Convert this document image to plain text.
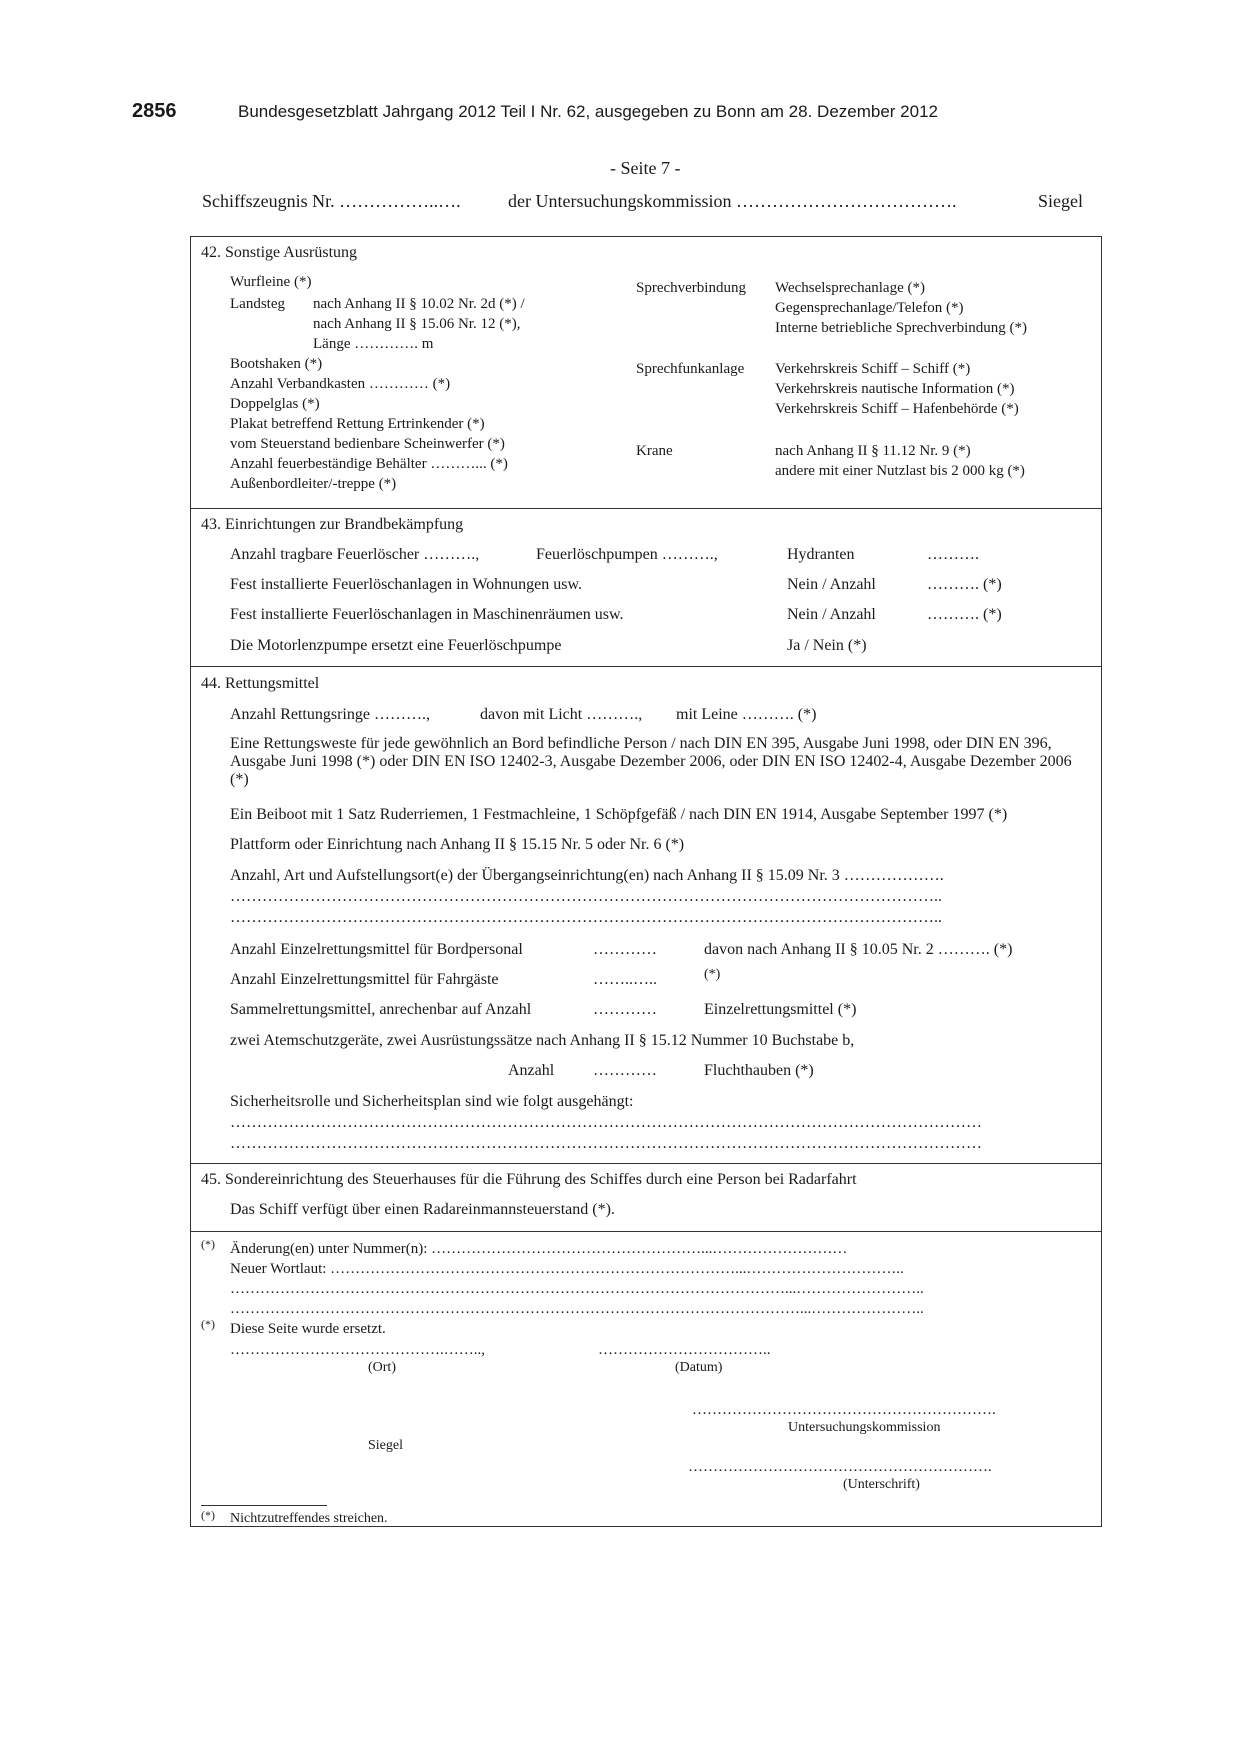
2856	Bundesgesetzblatt Jahrgang 2012 Teil I Nr. 62, ausgegeben zu Bonn am 28. Dezember 2012
- Seite 7 -
Schiffszeugnis Nr. ……………..….	der Untersuchungskommission ……………………………….	Siegel
42. Sonstige Ausrüstung
Wurfleine (*)
Landsteg nach Anhang II § 10.02 Nr. 2d (*) /
nach Anhang II § 15.06 Nr. 12 (*),
Länge …………. m
Bootshaken (*)
Anzahl Verbandkasten ………… (*)
Doppelglas (*)
Plakat betreffend Rettung Ertrinkender (*)
vom Steuerstand bedienbare Scheinwerfer (*)
Anzahl feuerbeständige Behälter ………... (*)
Außenbordleiter/-treppe (*)
Sprechverbindung Wechselsprechanlage (*)
Gegensprechanlage/Telefon (*)
Interne betriebliche Sprechverbindung (*)
Sprechfunkanlage Verkehrskreis Schiff – Schiff (*)
Verkehrskreis nautische Information (*)
Verkehrskreis Schiff – Hafenbehörde (*)
Krane	nach Anhang II § 11.12 Nr. 9 (*)
andere mit einer Nutzlast bis 2 000 kg (*)
43. Einrichtungen zur Brandbekämpfung
Anzahl tragbare Feuerlöscher ……….,	Feuerlöschpumpen ……….,	Hydranten	……….
Fest installierte Feuerlöschanlagen in Wohnungen usw.	Nein / Anzahl	………. (*)
Fest installierte Feuerlöschanlagen in Maschinenräumen usw.	Nein / Anzahl	………. (*)
Die Motorlenzpumpe ersetzt eine Feuerlöschpumpe	Ja / Nein (*)
44. Rettungsmittel
Anzahl Rettungsringe ……….,	davon mit Licht ………., mit Leine ………. (*)
Eine Rettungsweste für jede gewöhnlich an Bord befindliche Person / nach DIN EN 395, Ausgabe Juni 1998, oder DIN EN 396, Ausgabe Juni 1998 (*) oder DIN EN ISO 12402-3, Ausgabe Dezember 2006, oder DIN EN ISO 12402-4, Ausgabe Dezember 2006 (*)
Ein Beiboot mit 1 Satz Ruderriemen, 1 Festmachleine, 1 Schöpfgefäß / nach DIN EN 1914, Ausgabe September 1997 (*)
Plattform oder Einrichtung nach Anhang II § 15.15 Nr. 5 oder Nr. 6 (*)
Anzahl, Art und Aufstellungsort(e) der Übergangseinrichtung(en) nach Anhang II § 15.09 Nr. 3 ……………….
……………………………………………………………………………………………………………………..
……………………………………………………………………………………………………………………..
Anzahl Einzelrettungsmittel für Bordpersonal	…………	davon nach Anhang II § 10.05 Nr. 2 ………. (*)
Anzahl Einzelrettungsmittel für Fahrgäste	……..…..	(*)
Sammelrettungsmittel, anrechenbar auf Anzahl	…………	Einzelrettungsmittel (*)
zwei Atemschutzgeräte, zwei Ausrüstungssätze nach Anhang II § 15.12 Nummer 10 Buchstabe b,
Anzahl …………	Fluchthauben (*)
Sicherheitsrolle und Sicherheitsplan sind wie folgt ausgehängt:
……………………………………………………………………………………………………………………………
……………………………………………………………………………………………………………………………
45. Sondereinrichtung des Steuerhauses für die Führung des Schiffes durch eine Person bei Radarfahrt
Das Schiff verfügt über einen Radareinmannsteuerstand (*).
(*) Änderung(en) unter Nummer(n): ………………………………………………...………………………
Neuer Wortlaut: ………………………………………………………………………...…………………………..
…………………………………………………………………………………………………...……………………..
……………………………………………………………………………………………………...…………………..
(*) Diese Seite wurde ersetzt.
…………………………………….……..,	……………………………..
(Ort)	(Datum)
…………………………………………………….
Untersuchungskommission
Siegel
…………………………………………………….
(Unterschrift)
(*) Nichtzutreffendes streichen.
